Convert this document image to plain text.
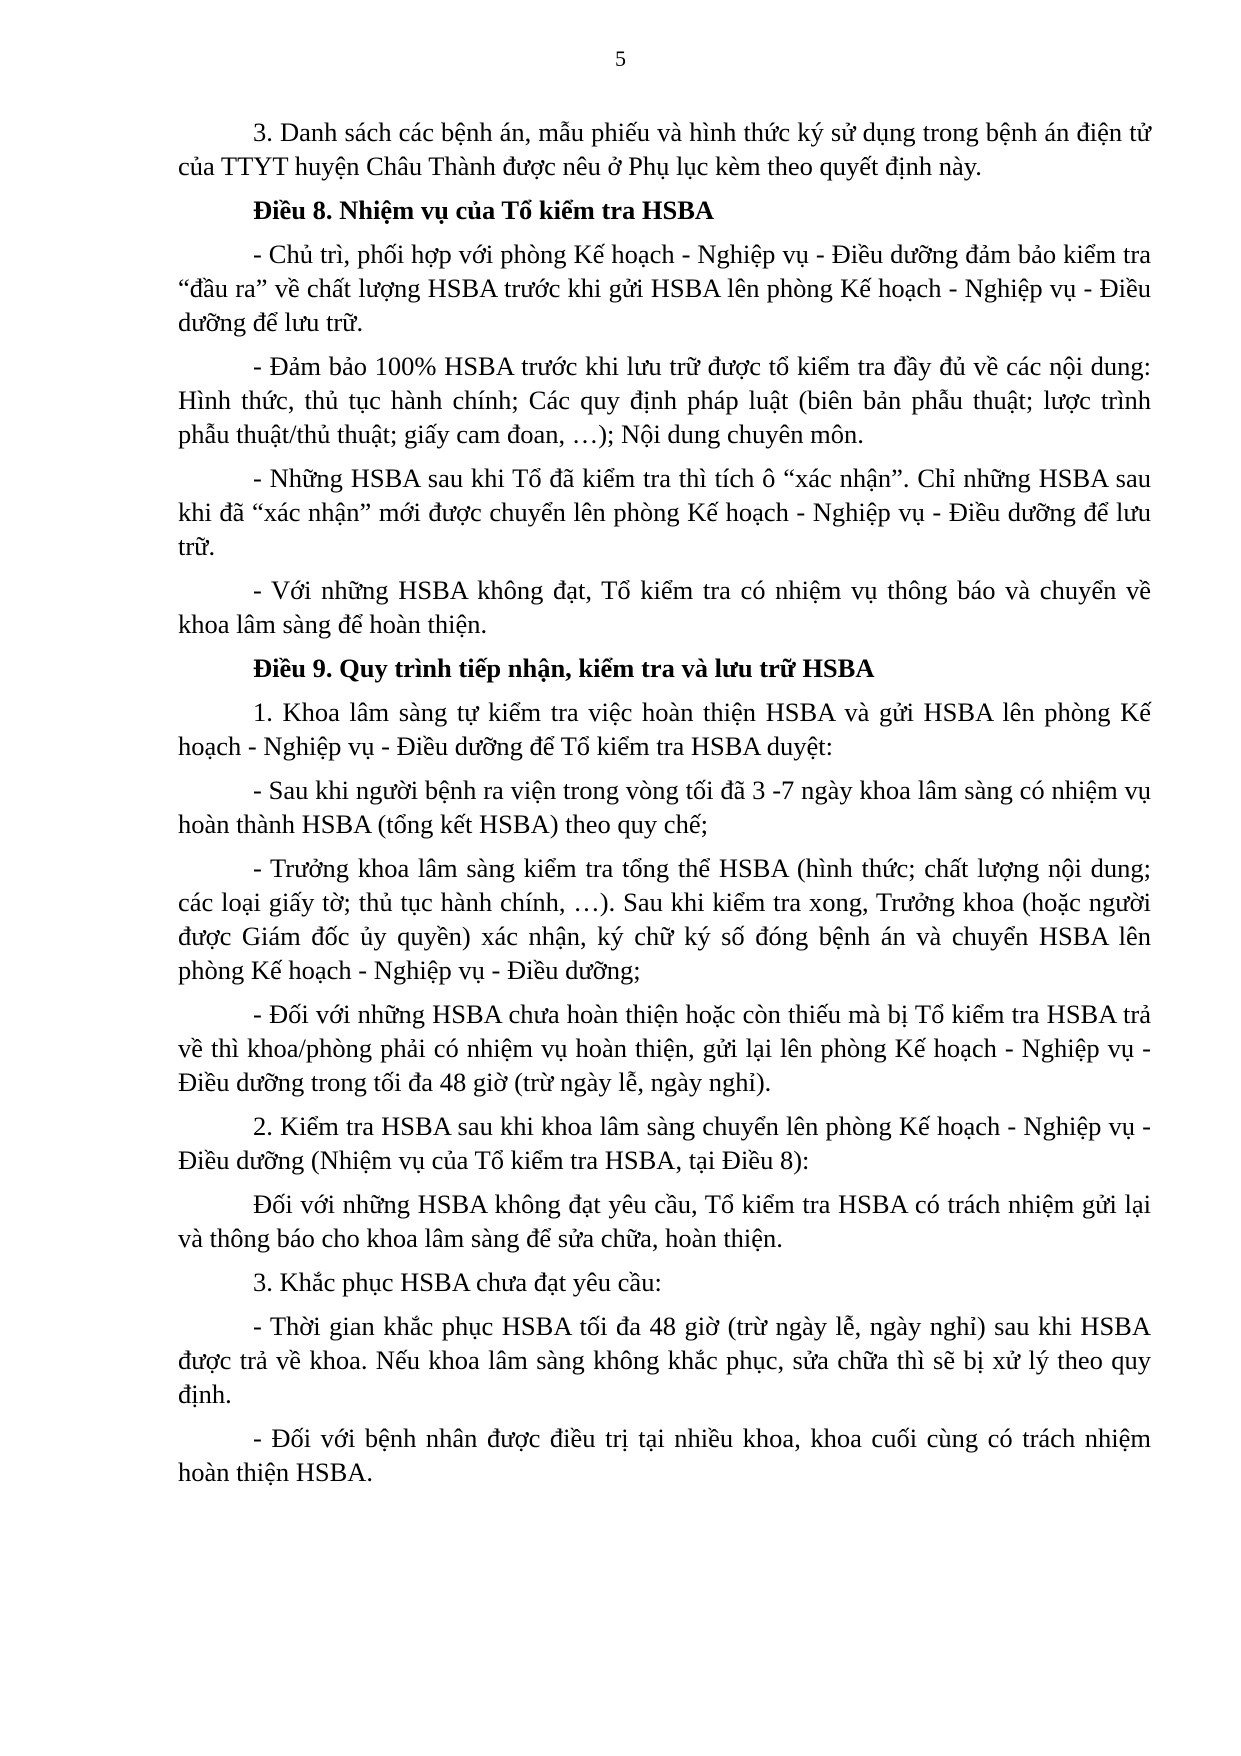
5

3. Danh sách các bệnh án, mẫu phiếu và hình thức ký sử dụng trong bệnh án điện tử của TTYT huyện Châu Thành được nêu ở Phụ lục kèm theo quyết định này.

Điều 8. Nhiệm vụ của Tổ kiểm tra HSBA

- Chủ trì, phối hợp với phòng Kế hoạch - Nghiệp vụ - Điều dưỡng đảm bảo kiểm tra “đầu ra” về chất lượng HSBA trước khi gửi HSBA lên phòng Kế hoạch - Nghiệp vụ - Điều dưỡng để lưu trữ.

- Đảm bảo 100% HSBA trước khi lưu trữ được tổ kiểm tra đầy đủ về các nội dung: Hình thức, thủ tục hành chính; Các quy định pháp luật (biên bản phẫu thuật; lược trình phẫu thuật/thủ thuật; giấy cam đoan, …); Nội dung chuyên môn.

- Những HSBA sau khi Tổ đã kiểm tra thì tích ô “xác nhận”. Chỉ những HSBA sau khi đã “xác nhận” mới được chuyển lên phòng Kế hoạch - Nghiệp vụ - Điều dưỡng để lưu trữ.

- Với những HSBA không đạt, Tổ kiểm tra có nhiệm vụ thông báo và chuyển về khoa lâm sàng để hoàn thiện.

Điều 9. Quy trình tiếp nhận, kiểm tra và lưu trữ HSBA

1. Khoa lâm sàng tự kiểm tra việc hoàn thiện HSBA và gửi HSBA lên phòng Kế hoạch - Nghiệp vụ - Điều dưỡng để Tổ kiểm tra HSBA duyệt:

- Sau khi người bệnh ra viện trong vòng tối đã 3 -7 ngày khoa lâm sàng có nhiệm vụ hoàn thành HSBA (tổng kết HSBA) theo quy chế;

- Trưởng khoa lâm sàng kiểm tra tổng thể HSBA (hình thức; chất lượng nội dung; các loại giấy tờ; thủ tục hành chính, …). Sau khi kiểm tra xong, Trưởng khoa (hoặc người được Giám đốc ủy quyền) xác nhận, ký chữ ký số đóng bệnh án và chuyển HSBA lên phòng Kế hoạch - Nghiệp vụ - Điều dưỡng;

- Đối với những HSBA chưa hoàn thiện hoặc còn thiếu mà bị Tổ kiểm tra HSBA trả về thì khoa/phòng phải có nhiệm vụ hoàn thiện, gửi lại lên phòng Kế hoạch - Nghiệp vụ - Điều dưỡng trong tối đa 48 giờ (trừ ngày lễ, ngày nghỉ).

2. Kiểm tra HSBA sau khi khoa lâm sàng chuyển lên phòng Kế hoạch - Nghiệp vụ - Điều dưỡng (Nhiệm vụ của Tổ kiểm tra HSBA, tại Điều 8):

Đối với những HSBA không đạt yêu cầu, Tổ kiểm tra HSBA có trách nhiệm gửi lại và thông báo cho khoa lâm sàng để sửa chữa, hoàn thiện.

3. Khắc phục HSBA chưa đạt yêu cầu:

- Thời gian khắc phục HSBA tối đa 48 giờ (trừ ngày lễ, ngày nghỉ) sau khi HSBA được trả về khoa. Nếu khoa lâm sàng không khắc phục, sửa chữa thì sẽ bị xử lý theo quy định.

- Đối với bệnh nhân được điều trị tại nhiều khoa, khoa cuối cùng có trách nhiệm hoàn thiện HSBA.
